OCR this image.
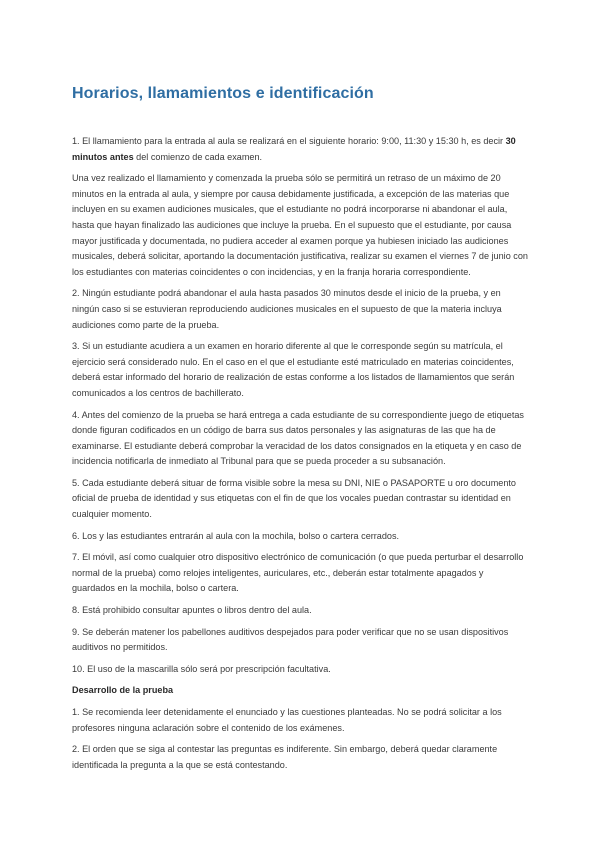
Horarios, llamamientos e identificación

1. El llamamiento para la entrada al aula se realizará en el siguiente horario: 9:00, 11:30 y 15:30 h, es decir 30 minutos antes del comienzo de cada examen.

Una vez realizado el llamamiento y comenzada la prueba sólo se permitirá un retraso de un máximo de 20 minutos en la entrada al aula, y siempre por causa debidamente justificada, a excepción de las materias que incluyen en su examen audiciones musicales, que el estudiante no podrá incorporarse ni abandonar el aula, hasta que hayan finalizado las audiciones que incluye la prueba. En el supuesto que el estudiante, por causa mayor justificada y documentada, no pudiera acceder al examen porque ya hubiesen iniciado las audiciones musicales, deberá solicitar, aportando la documentación justificativa, realizar su examen el viernes 7 de junio con los estudiantes con materias coincidentes o con incidencias, y en la franja horaria correspondiente.

2. Ningún estudiante podrá abandonar el aula hasta pasados 30 minutos desde el inicio de la prueba, y en ningún caso si se estuvieran reproduciendo audiciones musicales en el supuesto de que la materia incluya audiciones como parte de la prueba.

3. Si un estudiante acudiera a un examen en horario diferente al que le corresponde según su matrícula, el ejercicio será considerado nulo. En el caso en el que el estudiante esté matriculado en materias coincidentes, deberá estar informado del horario de realización de estas conforme a los listados de llamamientos que serán comunicados a los centros de bachillerato.

4. Antes del comienzo de la prueba se hará entrega a cada estudiante de su correspondiente juego de etiquetas donde figuran codificados en un código de barra sus datos personales y las asignaturas de las que ha de examinarse. El estudiante deberá comprobar la veracidad de los datos consignados en la etiqueta y en caso de incidencia notificarla de inmediato al Tribunal para que se pueda proceder a su subsanación.

5. Cada estudiante deberá situar de forma visible sobre la mesa su DNI, NIE o PASAPORTE u oro documento oficial de prueba de identidad y sus etiquetas con el fin de que los vocales puedan contrastar su identidad en cualquier momento.

6. Los y las estudiantes entrarán al aula con la mochila, bolso o cartera cerrados.

7. El móvil, así como cualquier otro dispositivo electrónico de comunicación (o que pueda perturbar el desarrollo normal de la prueba) como relojes inteligentes, auriculares, etc., deberán estar totalmente apagados y guardados en la mochila, bolso o cartera.

8. Está prohibido consultar apuntes o libros dentro del aula.

9. Se deberán matener los pabellones auditivos despejados para poder verificar que no se usan dispositivos auditivos no permitidos.

10. El uso de la mascarilla sólo será por prescripción facultativa.

Desarrollo de la prueba

1. Se recomienda leer detenidamente el enunciado y las cuestiones planteadas. No se podrá solicitar a los profesores ninguna aclaración sobre el contenido de los exámenes.

2. El orden que se siga al contestar las preguntas es indiferente. Sin embargo, deberá quedar claramente identificada la pregunta a la que se está contestando.
